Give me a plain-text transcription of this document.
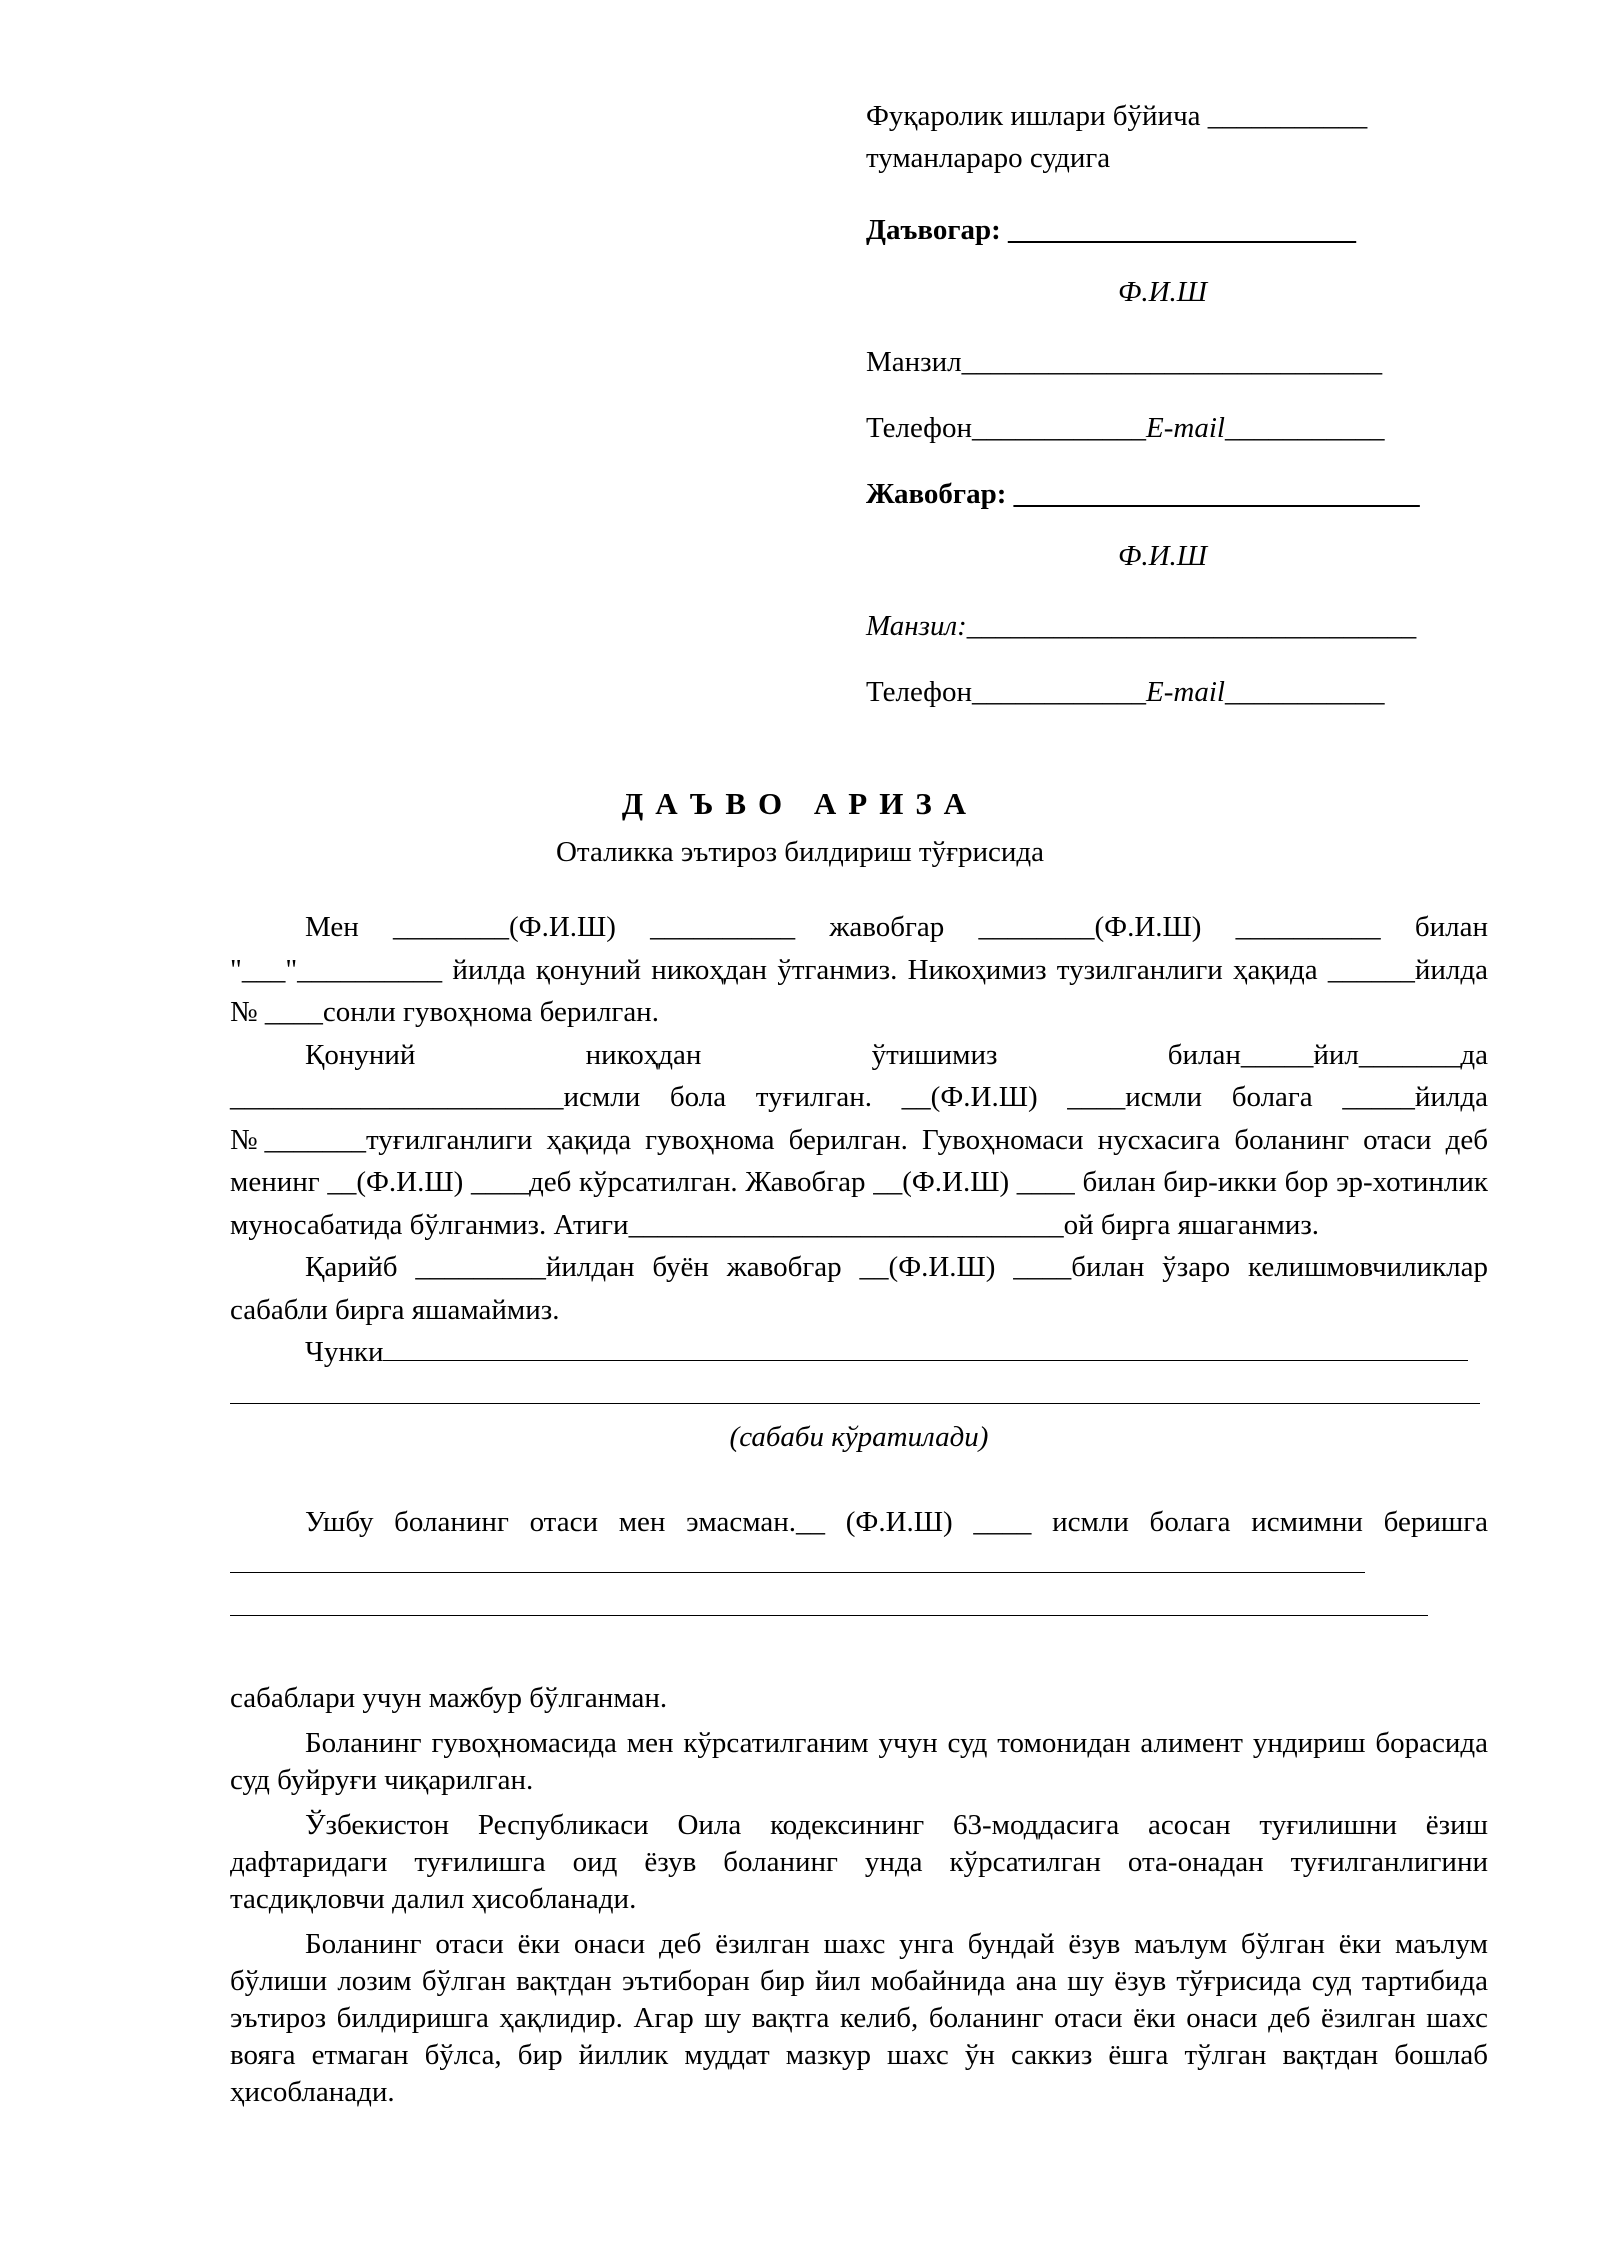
Фуқаролик ишлари бўйича ___________
туманлараро судига
Даъвогар: ________________________
Ф.И.Ш
Манзил_____________________________
Телефон____________E-mail___________
Жавобгар: ____________________________
Ф.И.Ш
Манзил:_______________________________
Телефон____________E-mail___________
ДАЪВО АРИЗА
Оталикка эътироз билдириш тўғрисида

Мен ________(Ф.И.Ш) __________ жавобгар ________(Ф.И.Ш) __________ билан "___"__________ йилда қонуний никоҳдан ўтганмиз. Никоҳимиз тузилганлиги ҳақида ______йилда № ____сонли гувоҳнома берилган.

Қонуний	никоҳдан	ўтишимиз	билан_____йил_______да

_______________________исмли бола туғилган. __(Ф.И.Ш) ____исмли болага _____йилда №_______туғилганлиги ҳақида гувоҳнома берилган. Гувоҳномаси нусхасига боланинг отаси деб менинг __(Ф.И.Ш) ____деб кўрсатилган. Жавобгар __(Ф.И.Ш) ____ билан бир-икки бор эр-хотинлик муносабатида бўлганмиз. Атиги______________________________ой бирга яшаганмиз.

Қарийб _________йилдан буён жавобгар __(Ф.И.Ш) ____билан ўзаро келишмовчиликлар сабабли бирга яшамаймиз.

Чунки
(сабаби кўратилади)

Ушбу боланинг отаси мен эмасман.__ (Ф.И.Ш) ____ исмли болага исмимни беришга

сабаблари учун мажбур бўлганман.

Боланинг гувоҳномасида мен кўрсатилганим учун суд томонидан алимент ундириш борасида суд буйруғи чиқарилган.

Ўзбекистон Республикаси Оила кодексининг 63-моддасига асосан туғилишни ёзиш дафтаридаги туғилишга оид ёзув боланинг унда кўрсатилган ота-онадан туғилганлигини тасдиқловчи далил ҳисобланади.

Боланинг отаси ёки онаси деб ёзилган шахс унга бундай ёзув маълум бўлган ёки маълум бўлиши лозим бўлган вақтдан эътиборан бир йил мобайнида ана шу ёзув тўғрисида суд тартибида эътироз билдиришга ҳақлидир. Агар шу вақтга келиб, боланинг отаси ёки онаси деб ёзилган шахс вояга етмаган бўлса, бир йиллик муддат мазкур шахс ўн саккиз ёшга тўлган вақтдан бошлаб ҳисобланади.
